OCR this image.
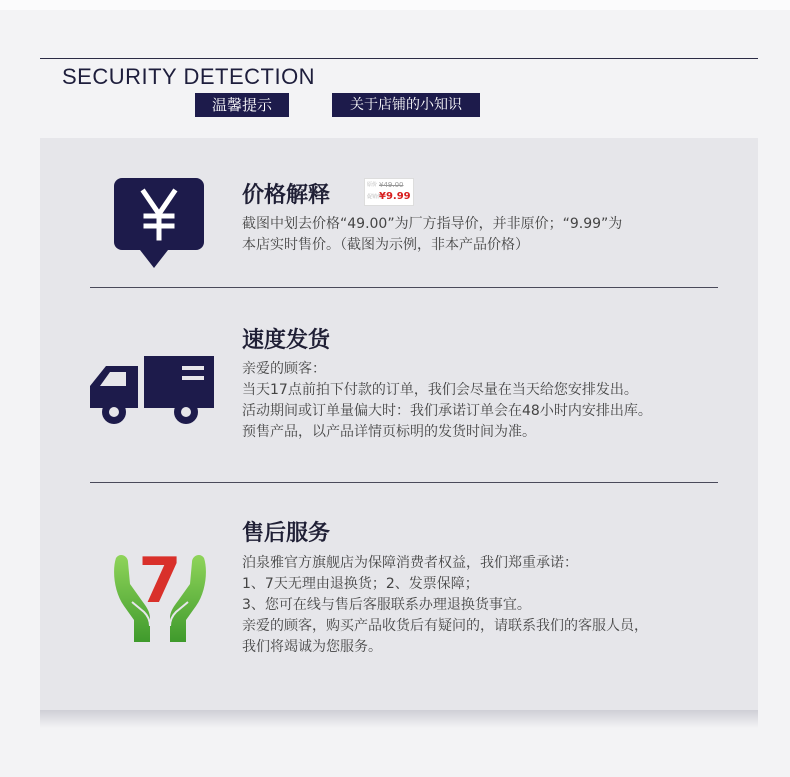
SECURITY DETECTION
温馨提示	关于店铺的小知识
价格解释	原价 ¥49.00
促销价
¥9.99
截图中划去价格“49.00”为厂方指导价，并非原价；“9.99”为
本店实时售价。（截图为示例，非本产品价格）
速度发货
亲爱的顾客：
当天17点前拍下付款的订单，我们会尽量在当天给您安排发出。
活动期间或订单量偏大时：我们承诺订单会在48小时内安排出库。
预售产品，以产品详情页标明的发货时间为准。
7
售后服务
泊泉雅官方旗舰店为保障消费者权益，我们郑重承诺：
1、7天无理由退换货；2、发票保障；
3、您可在线与售后客服联系办理退换货事宜。
亲爱的顾客，购买产品收货后有疑问的，请联系我们的客服人员，
我们将竭诚为您服务。
